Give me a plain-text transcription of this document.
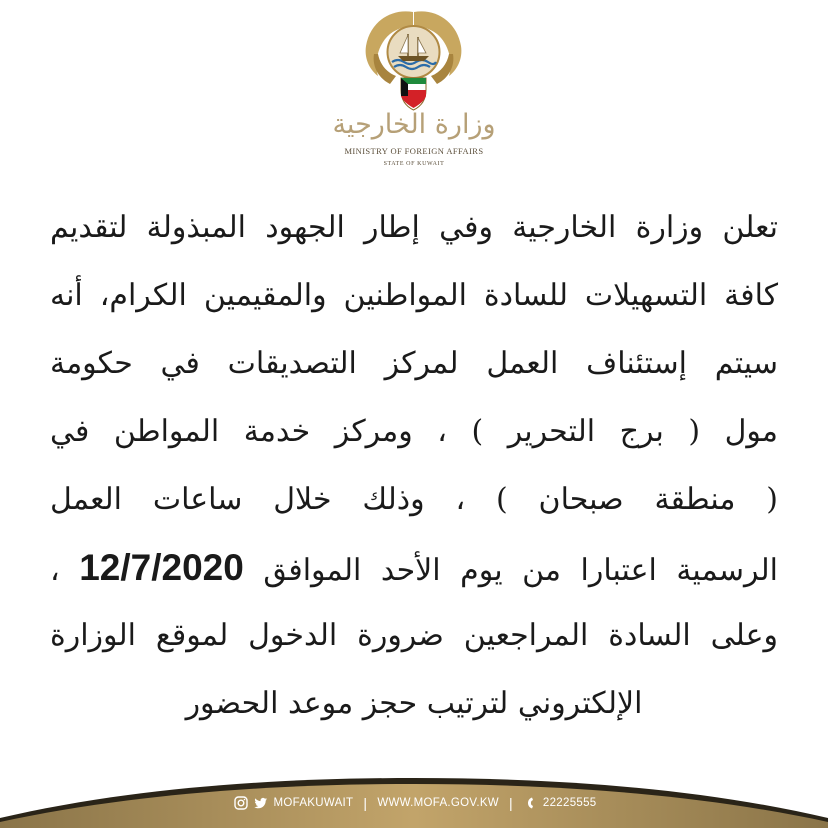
وزارة الخارجية
MINISTRY OF FOREIGN AFFAIRS
STATE OF KUWAIT
تعلن وزارة الخارجية وفي إطار الجهود المبذولة لتقديم
كافة التسهيلات للسادة المواطنين والمقيمين الكرام، أنه
سيتم إستئناف العمل لمركز التصديقات في حكومة
مول ( برج التحرير ) ، ومركز خدمة المواطن في
( منطقة صبحان ) ، وذلك خلال ساعات العمل
الرسمية اعتبارا من يوم الأحد الموافق 12/7/2020 ،
وعلى السادة المراجعين ضرورة الدخول لموقع الوزارة
الإلكتروني لترتيب حجز موعد الحضور
MOFAKUWAIT | WWW.MOFA.GOV.KW |	22225555
